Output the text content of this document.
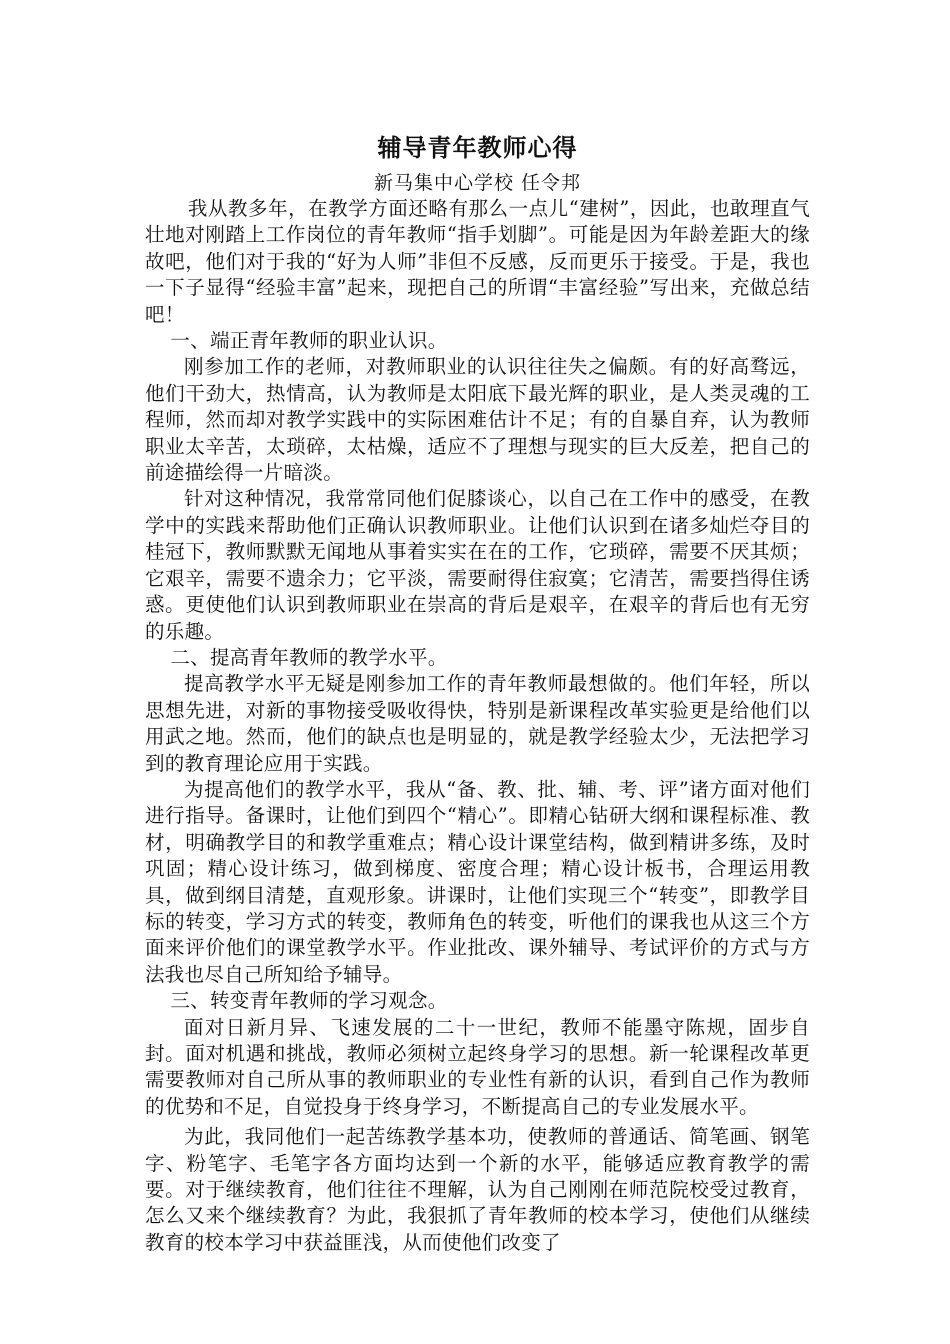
辅导青年教师心得

新马集中心学校 任令邦

我从教多年，在教学方面还略有那么一点儿“建树”，因此，也敢理直气壮地对刚踏上工作岗位的青年教师“指手划脚”。可能是因为年龄差距大的缘故吧，他们对于我的“好为人师”非但不反感，反而更乐于接受。于是，我也一下子显得“经验丰富”起来，现把自己的所谓“丰富经验”写出来，充做总结吧！

一、端正青年教师的职业认识。

刚参加工作的老师，对教师职业的认识往往失之偏颇。有的好高骛远，他们干劲大，热情高，认为教师是太阳底下最光辉的职业，是人类灵魂的工程师，然而却对教学实践中的实际困难估计不足；有的自暴自弃，认为教师职业太辛苦，太琐碎，太枯燥，适应不了理想与现实的巨大反差，把自己的前途描绘得一片暗淡。

针对这种情况，我常常同他们促膝谈心，以自己在工作中的感受，在教学中的实践来帮助他们正确认识教师职业。让他们认识到在诸多灿烂夺目的桂冠下，教师默默无闻地从事着实实在在的工作，它琐碎，需要不厌其烦；它艰辛，需要不遗余力；它平淡，需要耐得住寂寞；它清苦，需要挡得住诱惑。更使他们认识到教师职业在崇高的背后是艰辛，在艰辛的背后也有无穷的乐趣。

二、提高青年教师的教学水平。

提高教学水平无疑是刚参加工作的青年教师最想做的。他们年轻，所以思想先进，对新的事物接受吸收得快，特别是新课程改革实验更是给他们以用武之地。然而，他们的缺点也是明显的，就是教学经验太少，无法把学习到的教育理论应用于实践。

为提高他们的教学水平，我从“备、教、批、辅、考、评”诸方面对他们进行指导。备课时，让他们到四个“精心”。即精心钻研大纲和课程标准、教材，明确教学目的和教学重难点；精心设计课堂结构，做到精讲多练，及时巩固；精心设计练习，做到梯度、密度合理；精心设计板书，合理运用教具，做到纲目清楚，直观形象。讲课时，让他们实现三个“转变”，即教学目标的转变，学习方式的转变，教师角色的转变，听他们的课我也从这三个方面来评价他们的课堂教学水平。作业批改、课外辅导、考试评价的方式与方法我也尽自己所知给予辅导。

三、转变青年教师的学习观念。

面对日新月异、飞速发展的二十一世纪，教师不能墨守陈规，固步自封。面对机遇和挑战，教师必须树立起终身学习的思想。新一轮课程改革更需要教师对自己所从事的教师职业的专业性有新的认识，看到自己作为教师的优势和不足，自觉投身于终身学习，不断提高自己的专业发展水平。

为此，我同他们一起苦练教学基本功，使教师的普通话、简笔画、钢笔字、粉笔字、毛笔字各方面均达到一个新的水平，能够适应教育教学的需要。对于继续教育，他们往往不理解，认为自己刚刚在师范院校受过教育，怎么又来个继续教育？为此，我狠抓了青年教师的校本学习，使他们从继续教育的校本学习中获益匪浅，从而使他们改变了
